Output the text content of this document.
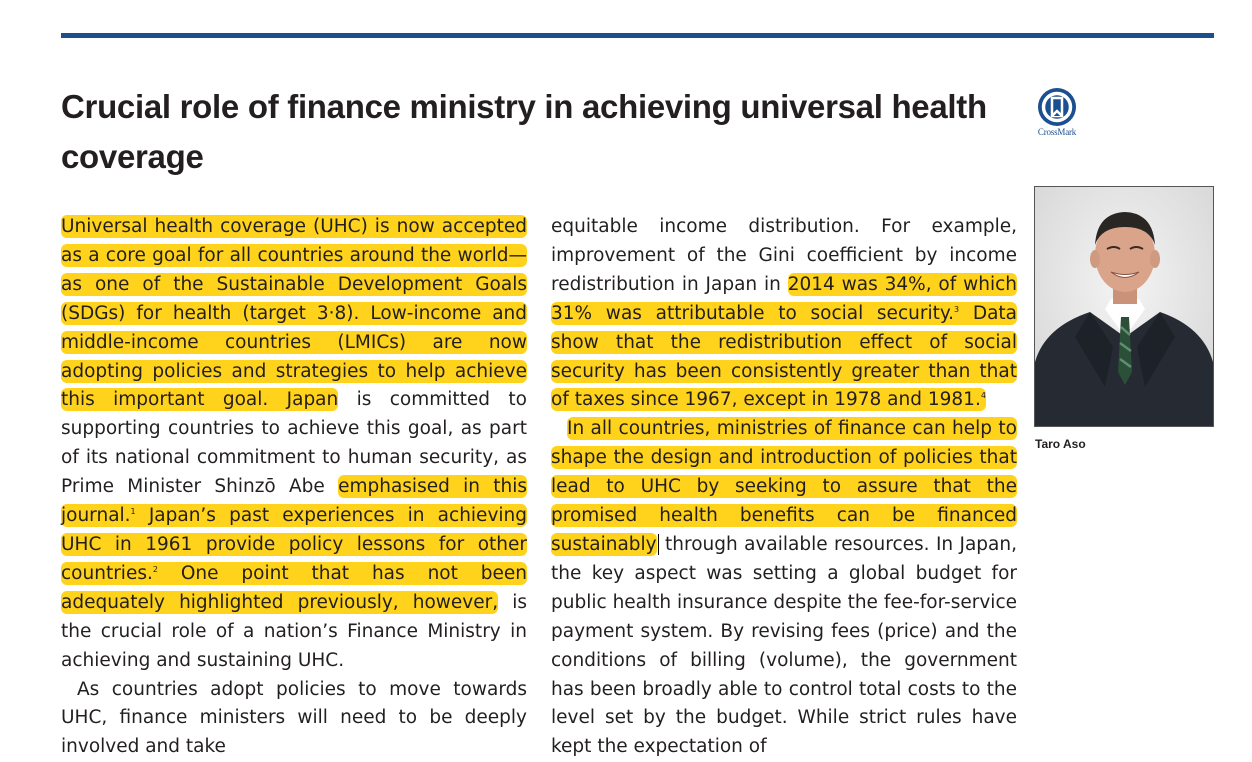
Crucial role of finance ministry in achieving universal health coverage
CrossMark

Universal health coverage (UHC) is now accepted as a core goal for all countries around the world—as one of the Sustainable Development Goals (SDGs) for health (target 3·8). Low-income and middle-income countries (LMICs) are now adopting policies and strategies to help achieve this important goal. Japan is committed to supporting countries to achieve this goal, as part of its national commitment to human security, as Prime Minister Shinzō Abe emphasised in this journal.$^1$ Japan’s past experiences in achieving UHC in 1961 provide policy lessons for other countries.$^2$ One point that has not been adequately highlighted previously, however, is the crucial role of a nation’s Finance Ministry in achieving and sustaining UHC.

As countries adopt policies to move towards UHC, finance ministers will need to be deeply involved and take

equitable income distribution. For example, improvement of the Gini coefficient by income redistribution in Japan in 2014 was 34%, of which 31% was attributable to social security.$^3$ Data show that the redistribution effect of social security has been consistently greater than that of taxes since 1967, except in 1978 and 1981.$^4$

In all countries, ministries of finance can help to shape the design and introduction of policies that lead to UHC by seeking to assure that the promised health benefits can be financed sustainably through available resources. In Japan, the key aspect was setting a global budget for public health insurance despite the fee-for-service payment system. By revising fees (price) and the conditions of billing (volume), the government has been broadly able to control total costs to the level set by the budget. While strict rules have kept the expectation of

Taro Aso
